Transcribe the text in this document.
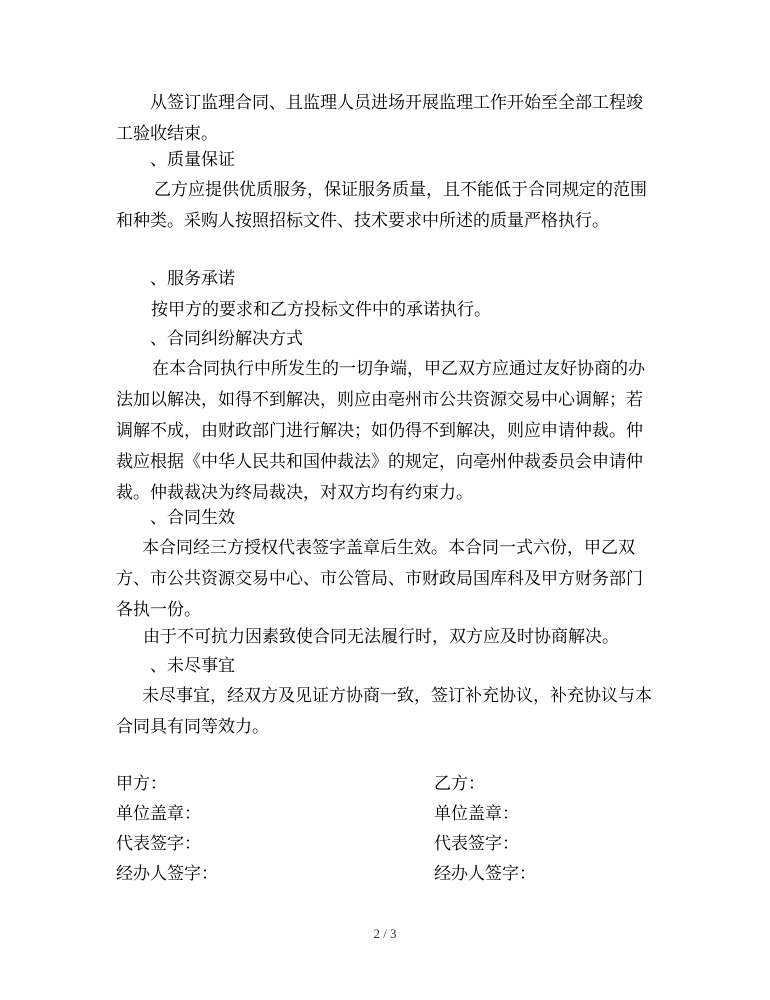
从签订监理合同、且监理人员进场开展监理工作开始至全部工程竣工验收结束。

、质量保证

乙方应提供优质服务，保证服务质量，且不能低于合同规定的范围和种类。采购人按照招标文件、技术要求中所述的质量严格执行。

、服务承诺

按甲方的要求和乙方投标文件中的承诺执行。

、合同纠纷解决方式

在本合同执行中所发生的一切争端，甲乙双方应通过友好协商的办法加以解决，如得不到解决，则应由亳州市公共资源交易中心调解；若调解不成，由财政部门进行解决；如仍得不到解决，则应申请仲裁。仲裁应根据《中华人民共和国仲裁法》的规定，向亳州仲裁委员会申请仲裁。仲裁裁决为终局裁决，对双方均有约束力。

、合同生效

本合同经三方授权代表签字盖章后生效。本合同一式六份，甲乙双方、市公共资源交易中心、市公管局、市财政局国库科及甲方财务部门各执一份。

由于不可抗力因素致使合同无法履行时，双方应及时协商解决。

、未尽事宜

未尽事宜，经双方及见证方协商一致，签订补充协议，补充协议与本合同具有同等效力。

甲方：
单位盖章：
代表签字：
经办人签字：
乙方：
单位盖章：
代表签字：
经办人签字：
2 / 3
